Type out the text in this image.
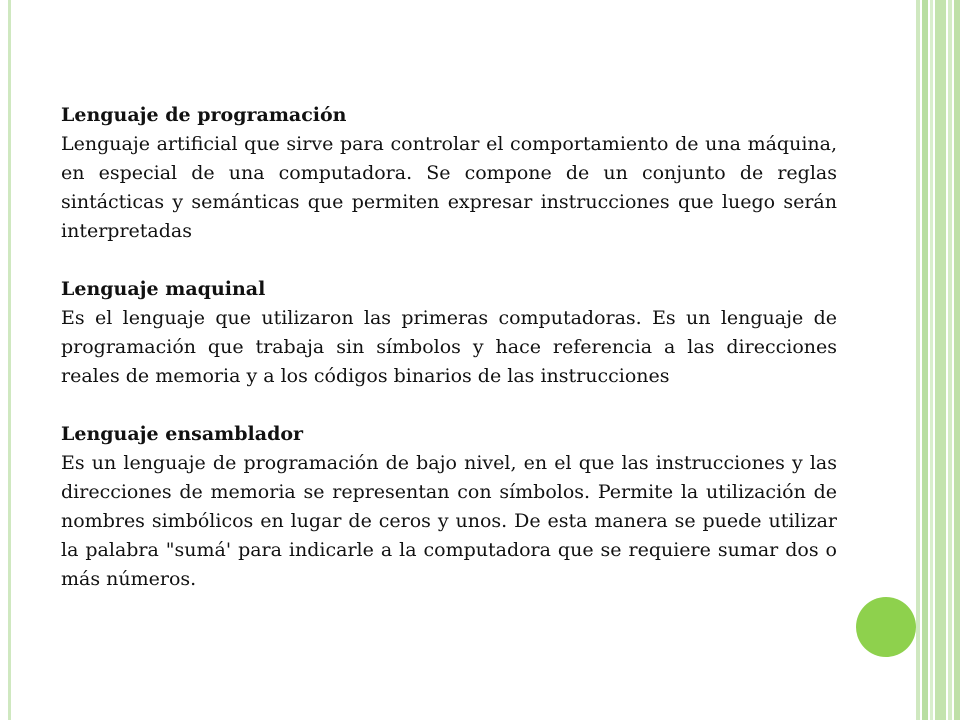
Lenguaje de programación

Lenguaje artificial que sirve para controlar el comportamiento de una máquina, en especial de una computadora. Se compone de un conjunto de reglas sintácticas y semánticas que permiten expresar instrucciones que luego serán interpretadas

Lenguaje maquinal

Es el lenguaje que utilizaron las primeras computadoras. Es un lenguaje de programación que trabaja sin símbolos y hace referencia a las direcciones reales de memoria y a los códigos binarios de las instrucciones

Lenguaje ensamblador

Es un lenguaje de programación de bajo nivel, en el que las instrucciones y las direcciones de memoria se representan con símbolos. Permite la utilización de nombres simbólicos en lugar de ceros y unos. De esta manera se puede utilizar la palabra "sumá' para indicarle a la computadora que se requiere sumar dos o más números.
